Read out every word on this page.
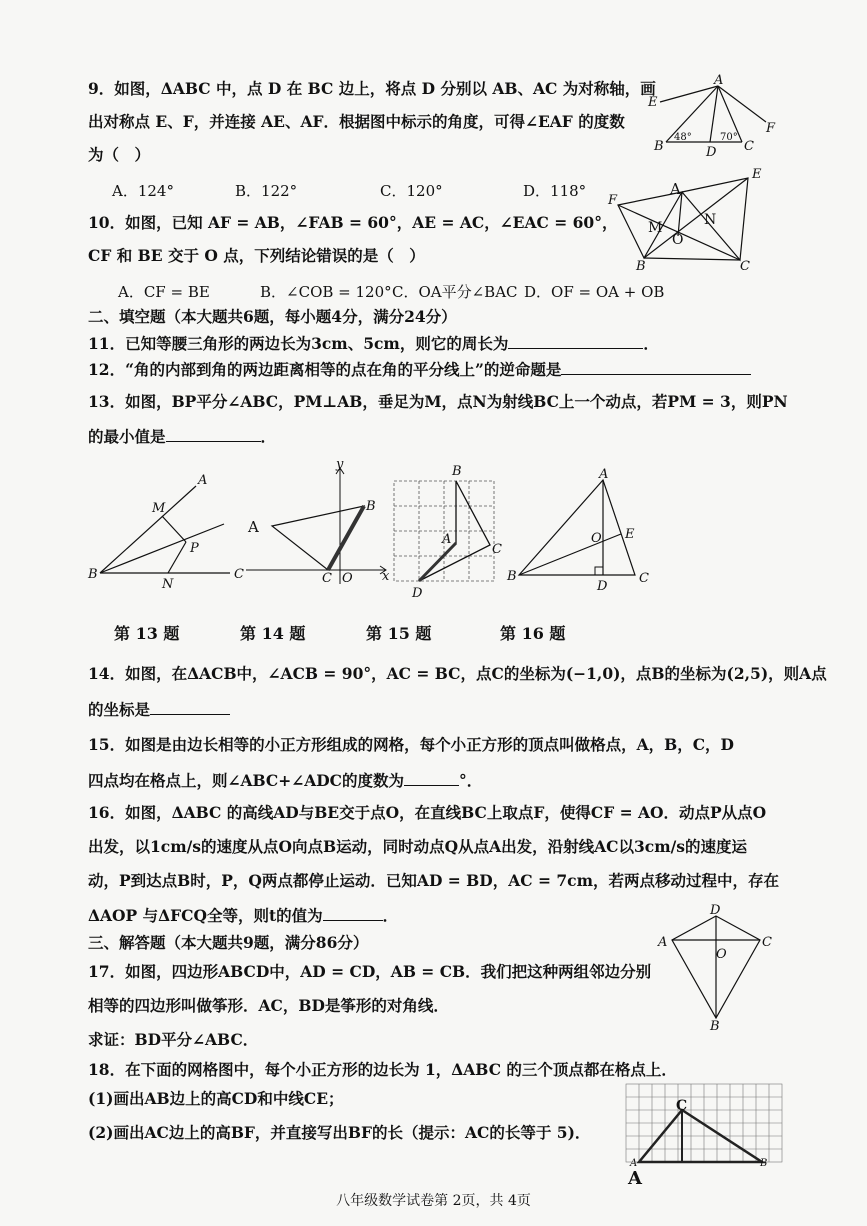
9．如图，ΔABC 中，点 D 在 BC 边上，将点 D 分别以 AB、AC 为对称轴，画
出对称点 E、F，并连接 AE、AF．根据图中标示的角度，可得∠EAF 的度数
为（　）
A．124°	B．122°	C．120°	D．118°
E
A
F
B	D C
48°	70°
10．如图，已知 AF = AB，∠FAB = 60°，AE = AC，∠EAC = 60°，
CF 和 BE 交于 O 点，下列结论错误的是（　）
A．CF = BE	B．∠COB = 120° C．OA平分∠BAC D．OF = OA + OB
F
A
E
M	N
O
B	C
二、填空题（本大题共6题，每小题4分，满分24分）
11．已知等腰三角形的两边长为3cm、5cm，则它的周长为	．
12．“角的内部到角的两边距离相等的点在角的平分线上”的逆命题是
13．如图，BP平分∠ABC，PM⊥AB，垂足为M，点N为射线BC上一个动点，若PM = 3，则PN
的最小值是	．
A
M
P
B
N
C
y
A
B
C O x
B
A
C
D
A
O E
B
D
C
第 13 题	第 14 题	第 15 题	第 16 题
14．如图，在ΔACB中，∠ACB = 90°，AC = BC，点C的坐标为(−1,0)，点B的坐标为(2,5)，则A点
的坐标是
15．如图是由边长相等的小正方形组成的网格，每个小正方形的顶点叫做格点，A，B，C，D
四点均在格点上，则∠ABC+∠ADC的度数为	°．
16．如图，ΔABC 的高线AD与BE交于点O，在直线BC上取点F，使得CF = AO．动点P从点O
出发，以1cm/s的速度从点O向点B运动，同时动点Q从点A出发，沿射线AC以3cm/s的速度运
动，P到达点B时，P，Q两点都停止运动．已知AD = BD，AC = 7cm，若两点移动过程中，存在
ΔAOP 与ΔFCQ全等，则t的值为	．
三、解答题（本大题共9题，满分86分）
17．如图，四边形ABCD中，AD = CD，AB = CB．我们把这种两组邻边分别
相等的四边形叫做筝形．AC，BD是筝形的对角线．
求证：BD平分∠ABC．
D
A
O
C
B
18．在下面的网格图中，每个小正方形的边长为 1，ΔABC 的三个顶点都在格点上．
(1)画出AB边上的高CD和中线CE；
(2)画出AC边上的高BF，并直接写出BF的长（提示：AC的长等于 5)．
C
A	B
A
八年级数学试卷第 2页，共 4页
